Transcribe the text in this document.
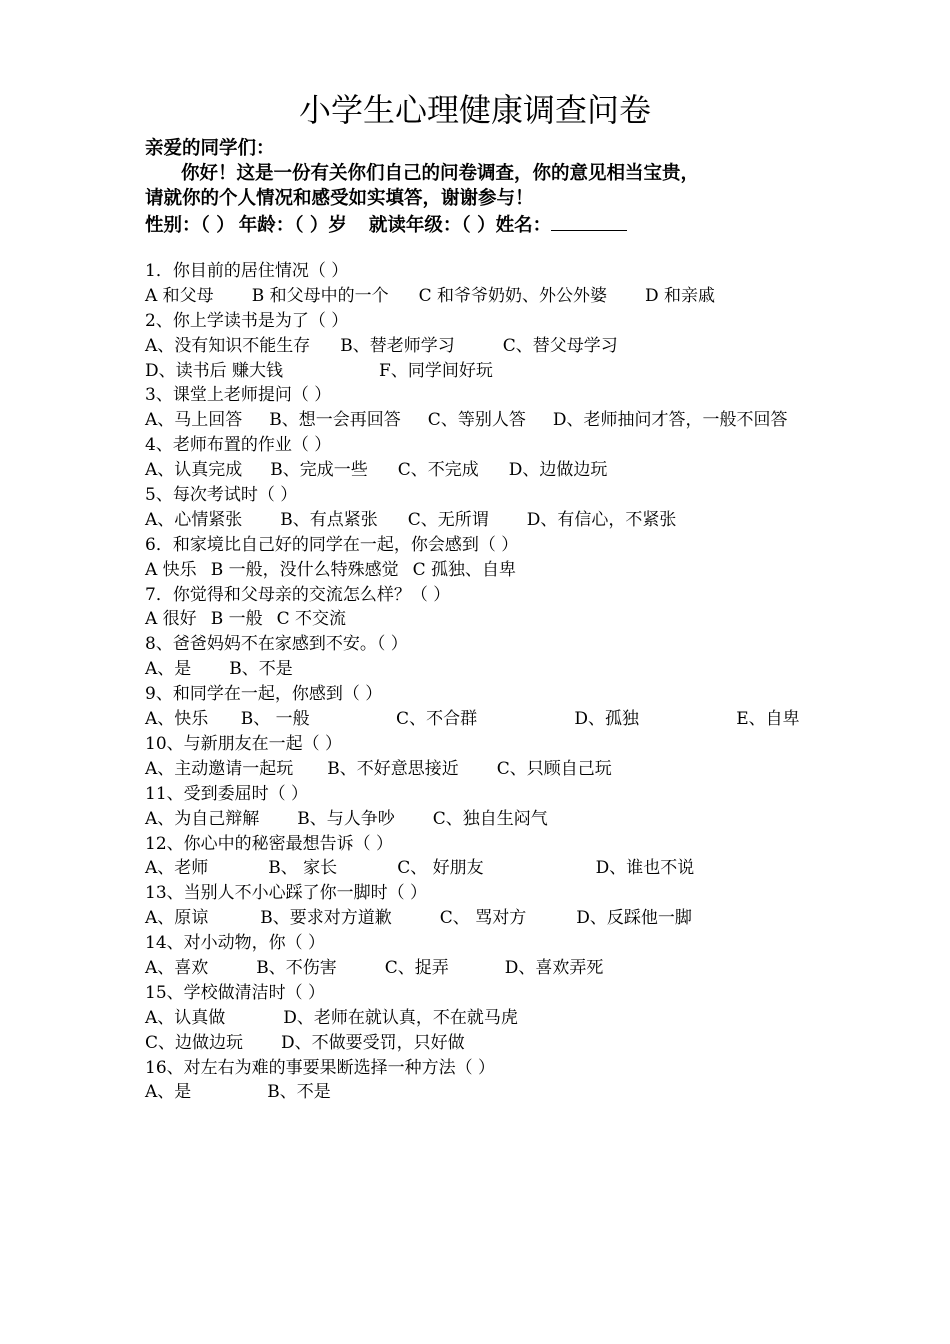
小学生心理健康调查问卷
亲爱的同学们：
你好！这是一份有关你们自己的问卷调查，你的意见相当宝贵，
请就你的个人情况和感受如实填答，谢谢参与！
性别：（ ） 年龄：（ ）岁 就读年级：（ ）姓名：
1．你目前的居住情况（ ）
A 和父母 B 和父母中的一个 C 和爷爷奶奶、外公外婆 D 和亲戚
2、你上学读书是为了（ ）
A、没有知识不能生存 B、替老师学习	C、替父母学习
D、读书后 赚大钱	F、同学间好玩
3、课堂上老师提问（ ）
A、马上回答     B、想一会再回答     C、等别人答     D、老师抽问才答，一般不回答
4、老师布置的作业（ ）
A、认真完成 B、完成一些 C、不完成 D、边做边玩
5、每次考试时（ ）
A、心情紧张 B、有点紧张 C、无所谓 D、有信心，不紧张
6．和家境比自己好的同学在一起，你会感到（ ）
A 快乐 B 一般，没什么特殊感觉 C 孤独、自卑
7．你觉得和父母亲的交流怎么样？（ ）
A 很好 B 一般 C 不交流
8、爸爸妈妈不在家感到不安。（ ）
A、是 B、不是
9、和同学在一起，你感到（ ）
A、快乐      B、 一般                C、不合群                  D、孤独                  E、自卑
10、与新朋友在一起（ ）
A、主动邀请一起玩 B、不好意思接近 C、只顾自己玩
11、受到委屈时（ ）
A、为自己辩解 B、与人争吵 C、独自生闷气
12、你心中的秘密最想告诉（ ）
A、老师	B、 家长	C、 好朋友	D、谁也不说
13、当别人不小心踩了你一脚时（ ）
A、原谅	B、要求对方道歉	C、 骂对方	D、反踩他一脚
14、对小动物，你（ ）
A、喜欢	B、不伤害	C、捉弄	D、喜欢弄死
15、学校做清洁时（ ）
A、认真做	D、老师在就认真，不在就马虎
C、边做边玩 D、不做要受罚，只好做
16、对左右为难的事要果断选择一种方法（ ）
A、是	B、不是
